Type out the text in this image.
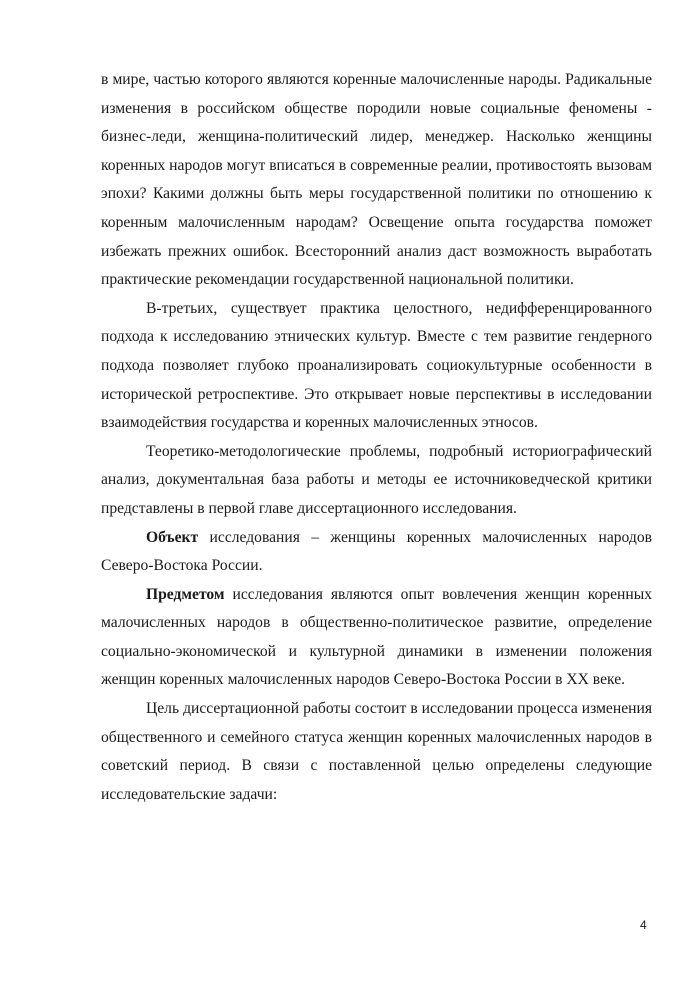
в мире, частью которого являются коренные малочисленные народы. Радикальные изменения в российском обществе породили новые социальные феномены - бизнес-леди, женщина-политический лидер, менеджер. Насколько женщины коренных народов могут вписаться в современные реалии, противостоять вызовам эпохи? Какими должны быть меры государственной политики по отношению к коренным малочисленным народам? Освещение опыта государства поможет избежать прежних ошибок. Всесторонний анализ даст возможность выработать практические рекомендации государственной национальной политики.

В-третьих, существует практика целостного, недифференцированного подхода к исследованию этнических культур. Вместе с тем развитие гендерного подхода позволяет глубоко проанализировать социокультурные особенности в исторической ретроспективе. Это открывает новые перспективы в исследовании взаимодействия государства и коренных малочисленных этносов.

Теоретико-методологические проблемы, подробный историографический анализ, документальная база работы и методы ее источниковедческой критики представлены в первой главе диссертационного исследования.

Объект исследования – женщины коренных малочисленных народов Северо-Востока России.

Предметом исследования являются опыт вовлечения женщин коренных малочисленных народов в общественно-политическое развитие, определение социально-экономической и культурной динамики в изменении положения женщин коренных малочисленных народов Северо-Востока России в XX веке.

Цель диссертационной работы состоит в исследовании процесса изменения общественного и семейного статуса женщин коренных малочисленных народов в советский период. В связи с поставленной целью определены следующие исследовательские задачи:

4
